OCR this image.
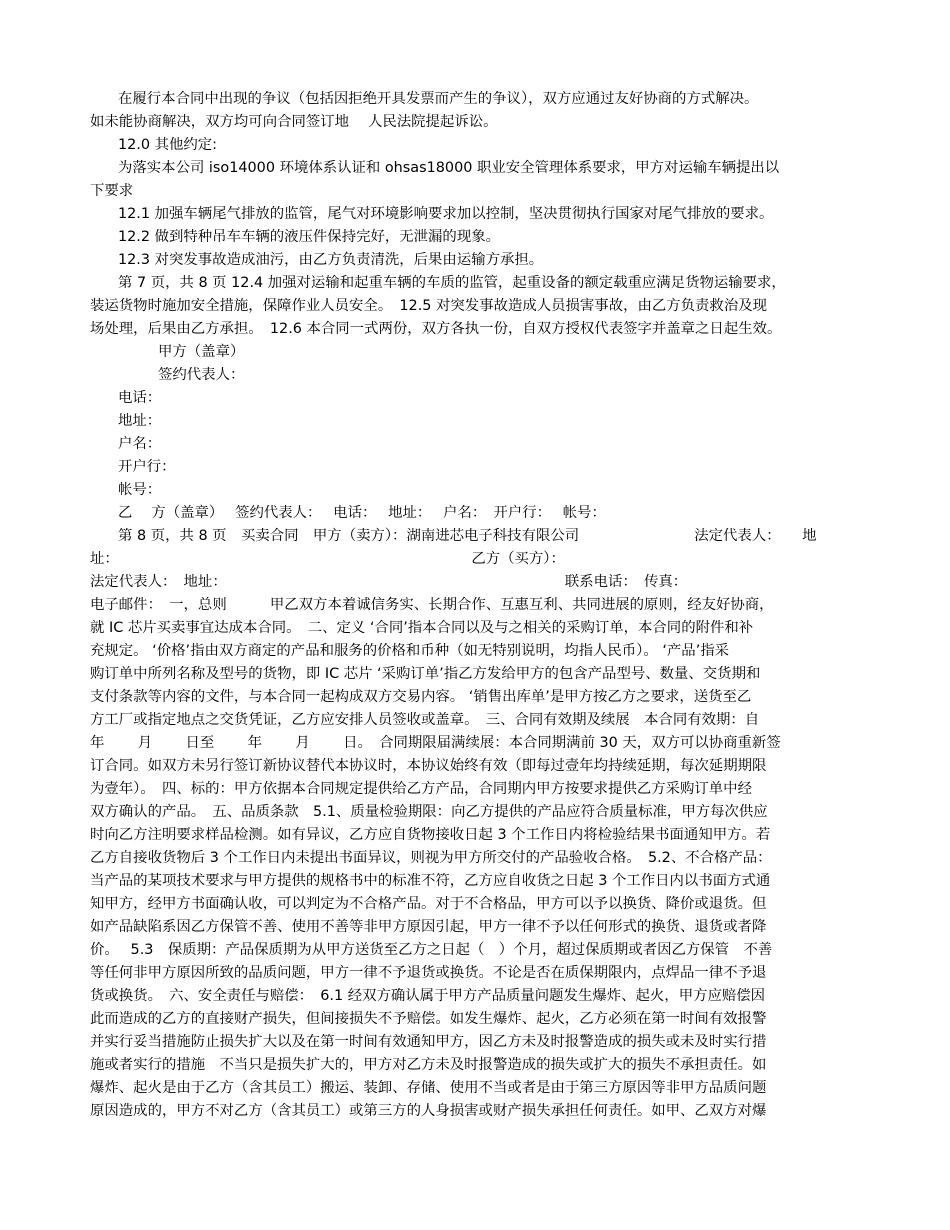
在履行本合同中出现的争议（包括因拒绝开具发票而产生的争议），双方应通过友好协商的方式解决。
如未能协商解决，双方均可向合同签订地　 人民法院提起诉讼。
12.0 其他约定:
为落实本公司 iso14000 环境体系认证和 ohsas18000 职业安全管理体系要求，甲方对运输车辆提出以
下要求
12.1 加强车辆尾气排放的监管，尾气对环境影响要求加以控制，坚决贯彻执行国家对尾气排放的要求。
12.2 做到特种吊车车辆的液压件保持完好，无泄漏的现象。
12.3 对突发事故造成油污，由乙方负责清洗，后果由运输方承担。
第 7 页，共 8 页 12.4 加强对运输和起重车辆的车质的监管，起重设备的额定载重应满足货物运输要求，
装运货物时施加安全措施，保障作业人员安全。　12.5 对突发事故造成人员损害事故，由乙方负责救治及现
场处理，后果由乙方承担。　12.6 本合同一式两份，双方各执一份，自双方授权代表签字并盖章之日起生效。
甲方（盖章）
签约代表人：
电话：
地址：
户名：
开户行：
帐号：
乙　 方（盖章）　 签约代表人：　 电话：　 地址：　 户名：　开户行：　 帐号：
第 8 页，共 8 页　买卖合同　甲方（卖方）：湖南进芯电子科技有限公司　　　　　　　　法定代表人：　　地
址：　　　　　　　　　　　　　　　　　　　　　　　　　乙方（买方）：
法定代表人：　地址：　　　　　　　　　　　　　　　　　　　　　　　　联系电话：　传真：
电子邮件：　一，总则　　　甲乙双方本着诚信务实、长期合作、互惠互利、共同进展的原则，经友好协商，
就 IC 芯片买卖事宜达成本合同。　二、定义 ‘合同’指本合同以及与之相关的采购订单，本合同的附件和补
充规定。 ‘价格’指由双方商定的产品和服务的价格和币种（如无特别说明，均指人民币）。 ‘产品’指采
购订单中所列名称及型号的货物，即 IC 芯片 ‘采购订单’指乙方发给甲方的包含产品型号、数量、交货期和
支付条款等内容的文件，与本合同一起构成双方交易内容。 ‘销售出库单’是甲方按乙方之要求，送货至乙
方工厂或指定地点之交货凭证，乙方应安排人员签收或盖章。　三、合同有效期及续展　本合同有效期：自
年　　 月　　 日至　　 年　　 月　　 日。　合同期限届满续展：本合同期满前 30 天，双方可以协商重新签
订合同。如双方未另行签订新协议替代本协议时，本协议始终有效（即每过壹年均持续延期，每次延期期限
为壹年）。　四、标的：甲方依据本合同规定提供给乙方产品，合同期内甲方按要求提供乙方采购订单中经
双方确认的产品。　五、品质条款　5.1、质量检验期限：向乙方提供的产品应符合质量标准，甲方每次供应
时向乙方注明要求样品检测。如有异议，乙方应自货物接收日起 3 个工作日内将检验结果书面通知甲方。若
乙方自接收货物后 3 个工作日内未提出书面异议，则视为甲方所交付的产品验收合格。　5.2、不合格产品：
当产品的某项技术要求与甲方提供的规格书中的标准不符，乙方应自收货之日起 3 个工作日内以书面方式通
知甲方，经甲方书面确认收，可以判定为不合格产品。对于不合格品，甲方可以予以换货、降价或退货。但
如产品缺陷系因乙方保管不善、使用不善等非甲方原因引起，甲方一律不予以任何形式的换货、退货或者降
价。　 5.3　保质期：产品保质期为从甲方送货至乙方之日起（　）个月，超过保质期或者因乙方保管　不善
等任何非甲方原因所致的品质问题，甲方一律不予退货或换货。不论是否在质保期限内，点焊品一律不予退
货或换货。　六、安全责任与赔偿：　6.1 经双方确认属于甲方产品质量问题发生爆炸、起火，甲方应赔偿因
此而造成的乙方的直接财产损失，但间接损失不予赔偿。如发生爆炸、起火，乙方必须在第一时间有效报警
并实行妥当措施防止损失扩大以及在第一时间有效通知甲方，因乙方未及时报警造成的损失或未及时实行措
施或者实行的措施　不当只是损失扩大的，甲方对乙方未及时报警造成的损失或扩大的损失不承担责任。如
爆炸、起火是由于乙方（含其员工）搬运、装卸、存储、使用不当或者是由于第三方原因等非甲方品质问题
原因造成的，甲方不对乙方（含其员工）或第三方的人身损害或财产损失承担任何责任。如甲、乙双方对爆
